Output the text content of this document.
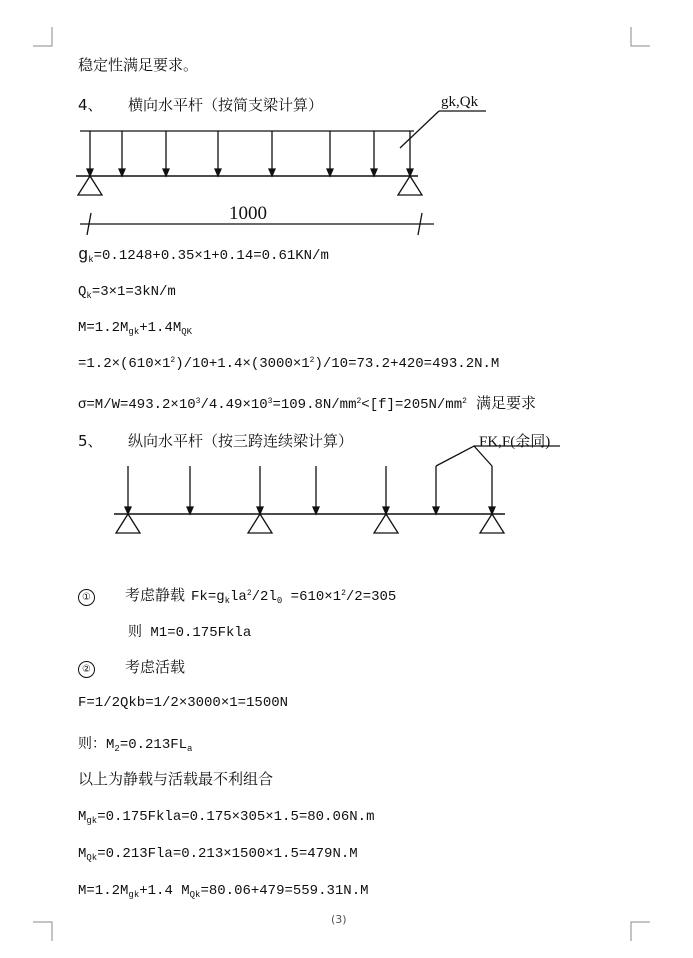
稳定性满足要求。
4、 横向水平杆（按简支梁计算）	gk,Qk
1000
$g_k=0.1248+0.35\times 1+0.14=0.61KN/m$
$Q_k=3\times 1=3kN/m$
$M=1.2M_{gk}+1.4M_{QK}$
$=1.2\times(610\times 1^2)/10+1.4\times(3000\times 1^2)/10=73.2+420=493.2N.M$
$\sigma=M/W=493.2\times 10^3/4.49\times 10^3=109.8N/mm^2<[f]=205N/mm^2$ 满足要求
5、 纵向水平杆（按三跨连续梁计算）	FK,F(余同)
① 考虑静载 $Fk=g_kla^2/2l_0 =610\times 1^2/2=305$
则 M1=0.175Fkla
② 考虑活载
F=1/2Qkb=1/2×3000×1=1500N
则：$M_2=0.213FL_a$
以上为静载与活载最不利组合
$M_{gk}=0.175Fkla=0.175\times 305\times 1.5=80.06N.m$
$M_{Qk}=0.213Fla=0.213\times 1500\times 1.5=479N.M$
$M=1.2M_{gk}+1.4$ $M_{Qk}=80.06+479=559.31N.M$
(3)
